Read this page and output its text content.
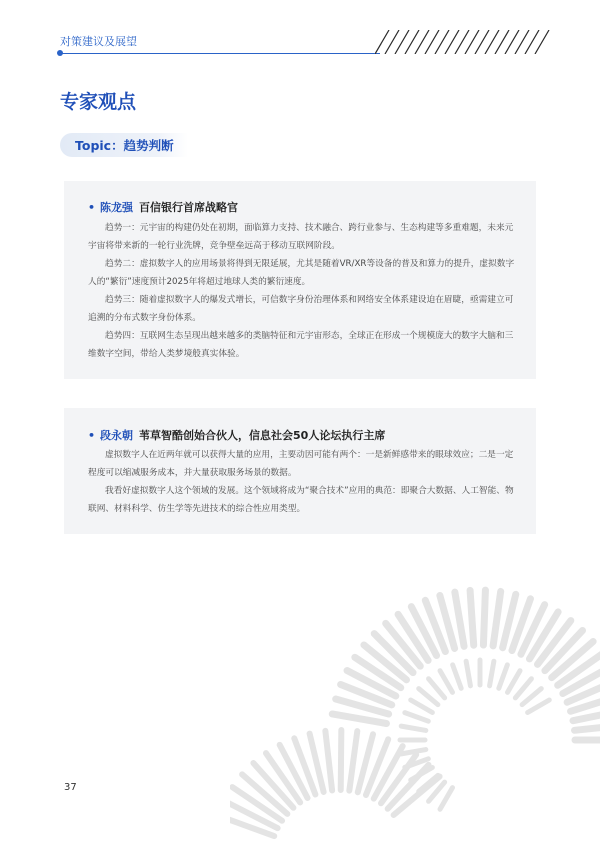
对策建议及展望
专家观点
Topic：趋势判断
• 陈龙强 百信银行首席战略官

趋势一：元宇宙的构建仍处在初期，面临算力支持、技术融合、跨行业参与、生态构建等多重难题，未来元宇宙将带来新的一轮行业洗牌，竞争壁垒远高于移动互联网阶段。

趋势二：虚拟数字人的应用场景将得到无限延展，尤其是随着VR/XR等设备的普及和算力的提升，虚拟数字人的“繁衍”速度预计2025年将超过地球人类的繁衍速度。

趋势三：随着虚拟数字人的爆发式增长，可信数字身份治理体系和网络安全体系建设迫在眉睫，亟需建立可追溯的分布式数字身份体系。

趋势四：互联网生态呈现出越来越多的类脑特征和元宇宙形态，全球正在形成一个规模庞大的数字大脑和三维数字空间，带给人类梦境般真实体验。

• 段永朝 苇草智酷创始合伙人，信息社会50人论坛执行主席

虚拟数字人在近两年就可以获得大量的应用，主要动因可能有两个：一是新鲜感带来的眼球效应；二是一定程度可以缩减服务成本，并大量获取服务场景的数据。

我看好虚拟数字人这个领域的发展。这个领域将成为“聚合技术”应用的典范：即聚合大数据、人工智能、物联网、材料科学、仿生学等先进技术的综合性应用类型。

37
